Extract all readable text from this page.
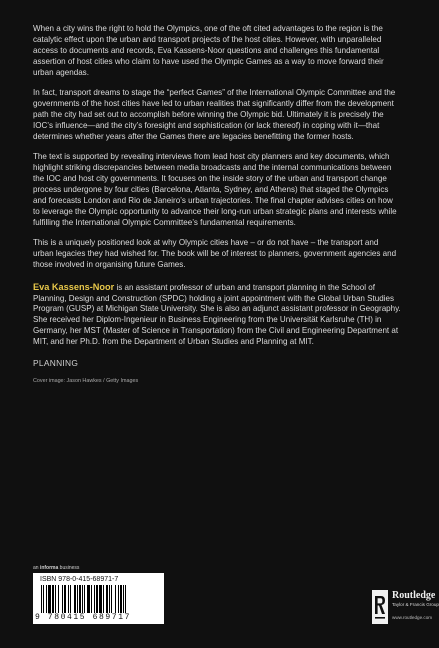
When a city wins the right to hold the Olympics, one of the oft cited advantages to the region is the catalytic effect upon the urban and transport projects of the host cities. However, with unparalleled access to documents and records, Eva Kassens-Noor questions and challenges this fundamental assertion of host cities who claim to have used the Olympic Games as a way to move forward their urban agendas.

In fact, transport dreams to stage the “perfect Games” of the International Olympic Committee and the governments of the host cities have led to urban realities that significantly differ from the development path the city had set out to accomplish before winning the Olympic bid. Ultimately it is precisely the IOC’s influence—and the city’s foresight and sophistication (or lack thereof) in coping with it—that determines whether years after the Games there are legacies benefitting the former hosts.

The text is supported by revealing interviews from lead host city planners and key documents, which highlight striking discrepancies between media broadcasts and the internal communications between the IOC and host city governments. It focuses on the inside story of the urban and transport change process undergone by four cities (Barcelona, Atlanta, Sydney, and Athens) that staged the Olympics and forecasts London and Rio de Janeiro’s urban trajectories. The final chapter advises cities on how to leverage the Olympic opportunity to advance their long-run urban strategic plans and interests while fulfilling the International Olympic Committee’s fundamental requirements.

This is a uniquely positioned look at why Olympic cities have – or do not have – the transport and urban legacies they had wished for. The book will be of interest to planners, government agencies and those involved in organising future Games.

Eva Kassens-Noor is an assistant professor of urban and transport planning in the School of Planning, Design and Construction (SPDC) holding a joint appointment with the Global Urban Studies Program (GUSP) at Michigan State University. She is also an adjunct assistant professor in Geography. She received her Diplom-Ingenieur in Business Engineering from the Universität Karlsruhe (TH) in Germany, her MST (Master of Science in Transportation) from the Civil and Engineering Department at MIT, and her Ph.D. from the Department of Urban Studies and Planning at MIT.

PLANNING
Cover image: Jason Hawkes / Getty Images
an informa business
ISBN 978-0-415-68971-7
9 780415 689717
Routledge
Taylor & Francis Group
www.routledge.com
